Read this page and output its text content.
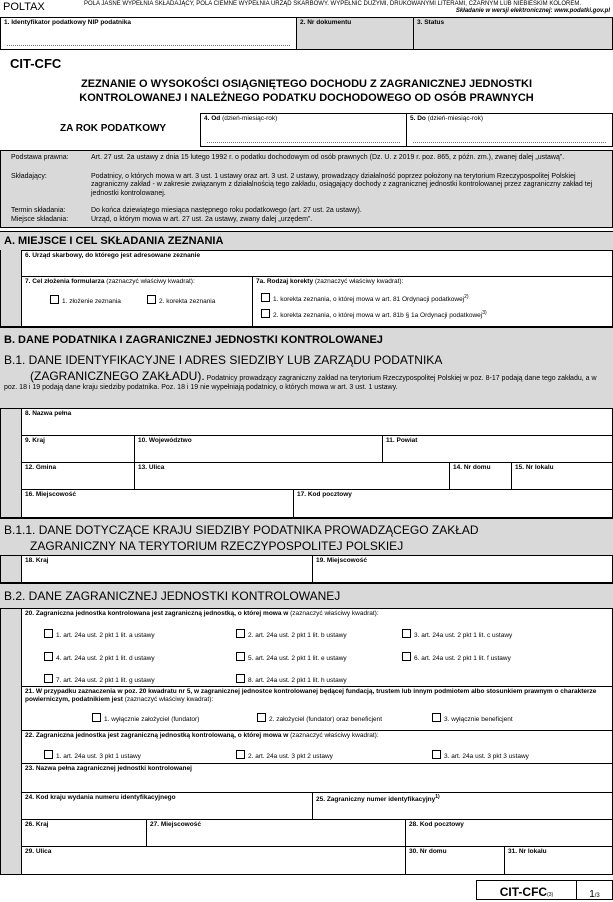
POLTAX	POLA JASNE WYPEŁNIA SKŁADAJĄCY, POLA CIEMNE WYPEŁNIA URZĄD SKARBOWY. WYPEŁNIĆ DUŻYMI, DRUKOWANYMI LITERAMI, CZARNYM LUB NIEBIESKIM KOLOREM.
Składanie w wersji elektronicznej: www.podatki.gov.pl
1. Identyfikator podatkowy NIP podatnika	2. Nr dokumentu	3. Status
CIT-CFC
ZEZNANIE O WYSOKOŚCI OSIĄGNIĘTEGO DOCHODU Z ZAGRANICZNEJ JEDNOSTKI
KONTROLOWANEJ I NALEŻNEGO PODATKU DOCHODOWEGO OD OSÓB PRAWNYCH
ZA ROK PODATKOWY
4. Od (dzień-miesiąc-rok)	5. Do (dzień-miesiąc-rok)
Podstawa prawna:	Art. 27 ust. 2a ustawy z dnia 15 lutego 1992 r. o podatku dochodowym od osób prawnych (Dz. U. z 2019 r. poz. 865, z późn. zm.), zwanej dalej „ustawą”.
Składający:	Podatnicy, o których mowa w art. 3 ust. 1 ustawy oraz art. 3 ust. 2 ustawy, prowadzący działalność poprzez położony na terytorium Rzeczypospolitej Polskiej zagraniczny zakład - w zakresie związanym z działalnością tego zakładu, osiągający dochody z zagranicznej jednostki kontrolowanej przez zagraniczny zakład tej jednostki kontrolowanej.
Termin składania:	Do końca dziewiątego miesiąca następnego roku podatkowego (art. 27 ust. 2a ustawy).
Miejsce składania:	Urząd, o którym mowa w art. 27 ust. 2a ustawy, zwany dalej „urzędem”.
A. MIEJSCE I CEL SKŁADANIA ZEZNANIA
6. Urząd skarbowy, do którego jest adresowane zeznanie
7. Cel złożenia formularza (zaznaczyć właściwy kwadrat):
1. złożenie zeznania	2. korekta zeznania
7a. Rodzaj korekty (zaznaczyć właściwy kwadrat):
1. korekta zeznania, o której mowa w art. 81 Ordynacji podatkowej$^{2)}$
2. korekta zeznania, o której mowa w art. 81b § 1a Ordynacji podatkowej$^{3)}$
B. DANE PODATNIKA I ZAGRANICZNEJ JEDNOSTKI KONTROLOWANEJ
B.1. DANE IDENTYFIKACYJNE I ADRES SIEDZIBY LUB ZARZĄDU PODATNIKA
(ZAGRANICZNEGO ZAKŁADU). Podatnicy prowadzący zagraniczny zakład na terytorium Rzeczypospolitej Polskiej w poz. 8-17 podają dane tego zakładu, a w poz. 18 i 19 podają dane kraju siedziby podatnika. Poz. 18 i 19 nie wypełniają podatnicy, o których mowa w art. 3 ust. 1 ustawy.
8. Nazwa pełna
9. Kraj	10. Województwo	11. Powiat
12. Gmina	13. Ulica	14. Nr domu	15. Nr lokalu
16. Miejscowość	17. Kod pocztowy
B.1.1. DANE DOTYCZĄCE KRAJU SIEDZIBY PODATNIKA PROWADZĄCEGO ZAKŁAD
ZAGRANICZNY NA TERYTORIUM RZECZYPOSPOLITEJ POLSKIEJ
18. Kraj	19. Miejscowość
B.2. DANE ZAGRANICZNEJ JEDNOSTKI KONTROLOWANEJ
20. Zagraniczna jednostka kontrolowana jest zagraniczną jednostką, o której mowa w (zaznaczyć właściwy kwadrat):
1. art. 24a ust. 2 pkt 1 lit. a ustawy	2. art. 24a ust. 2 pkt 1 lit. b ustawy	3. art. 24a ust. 2 pkt 1 lit. c ustawy
4. art. 24a ust. 2 pkt 1 lit. d ustawy	5. art. 24a ust. 2 pkt 1 lit. e ustawy	6. art. 24a ust. 2 pkt 1 lit. f ustawy
7. art. 24a ust. 2 pkt 1 lit. g ustawy	8. art. 24a ust. 2 pkt 1 lit. h ustawy
21. W przypadku zaznaczenia w poz. 20 kwadratu nr 5, w zagranicznej jednostce kontrolowanej będącej fundacją, trustem lub innym podmiotem albo stosunkiem prawnym o charakterze powierniczym, podatnikiem jest (zaznaczyć właściwy kwadrat):
1. wyłącznie założyciel (fundator)	2. założyciel (fundator) oraz beneficjent	3. wyłącznie beneficjent
22. Zagraniczna jednostka jest zagraniczną jednostką kontrolowaną, o której mowa w (zaznaczyć właściwy kwadrat):
1. art. 24a ust. 3 pkt 1 ustawy	2. art. 24a ust. 3 pkt 2 ustawy	3. art. 24a ust. 3 pkt 3 ustawy
23. Nazwa pełna zagranicznej jednostki kontrolowanej
24. Kod kraju wydania numeru identyfikacyjnego	25. Zagraniczny numer identyfikacyjny$^{1)}$
26. Kraj	27. Miejscowość	28. Kod pocztowy
29. Ulica	30. Nr domu	31. Nr lokalu
CIT-CFC(3)	1/3
